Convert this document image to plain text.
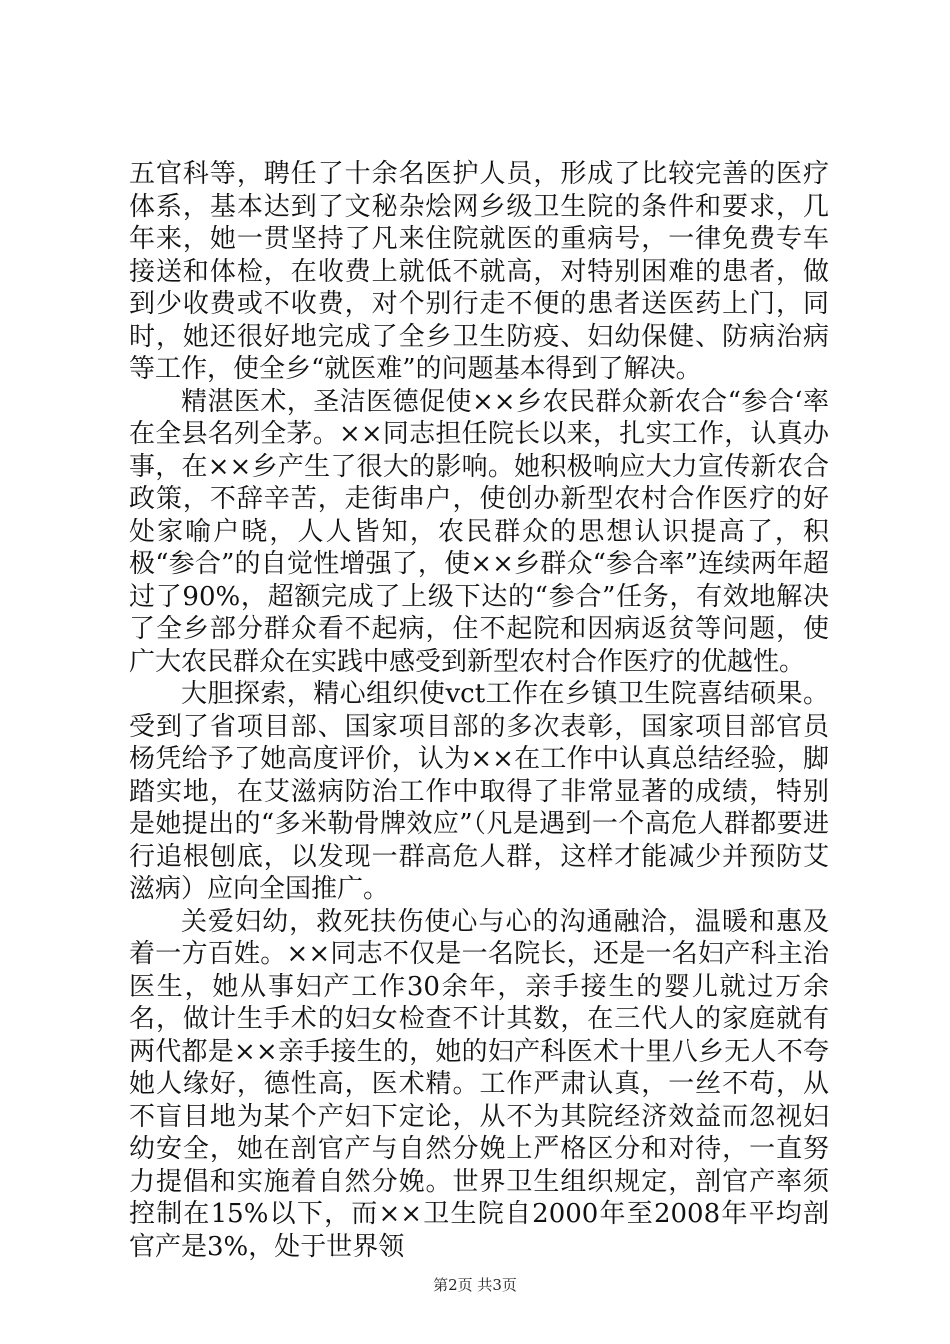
五官科等，聘任了十余名医护人员，形成了比较完善的医疗体系，基本达到了文秘杂烩网乡级卫生院的条件和要求，几年来，她一贯坚持了凡来住院就医的重病号，一律免费专车接送和体检，在收费上就低不就高，对特别困难的患者，做到少收费或不收费，对个别行走不便的患者送医药上门，同时，她还很好地完成了全乡卫生防疫、妇幼保健、防病治病等工作，使全乡“就医难”的问题基本得到了解决。

精湛医术，圣洁医德促使××乡农民群众新农合“参合‘率在全县名列全茅。××同志担任院长以来，扎实工作，认真办事，在××乡产生了很大的影响。她积极响应大力宣传新农合政策，不辞辛苦，走街串户，使创办新型农村合作医疗的好处家喻户晓，人人皆知，农民群众的思想认识提高了，积极“参合”的自觉性增强了，使××乡群众“参合率”连续两年超过了90%，超额完成了上级下达的“参合”任务，有效地解决了全乡部分群众看不起病，住不起院和因病返贫等问题，使广大农民群众在实践中感受到新型农村合作医疗的优越性。

大胆探索，精心组织使vct工作在乡镇卫生院喜结硕果。受到了省项目部、国家项目部的多次表彰，国家项目部官员杨凭给予了她高度评价，认为××在工作中认真总结经验，脚踏实地，在艾滋病防治工作中取得了非常显著的成绩，特别是她提出的“多米勒骨牌效应”（凡是遇到一个高危人群都要进行追根刨底，以发现一群高危人群，这样才能减少并预防艾滋病）应向全国推广。

关爱妇幼，救死扶伤使心与心的沟通融洽，温暖和惠及着一方百姓。××同志不仅是一名院长，还是一名妇产科主治医生，她从事妇产工作30余年，亲手接生的婴儿就过万余名，做计生手术的妇女检查不计其数，在三代人的家庭就有两代都是××亲手接生的，她的妇产科医术十里八乡无人不夸她人缘好，德性高，医术精。工作严肃认真，一丝不苟，从不盲目地为某个产妇下定论，从不为其院经济效益而忽视妇幼安全，她在剖官产与自然分娩上严格区分和对待，一直努力提倡和实施着自然分娩。世界卫生组织规定，剖官产率须控制在15%以下，而××卫生院自2000年至2008年平均剖官产是3%，处于世界领

第2页 共3页
